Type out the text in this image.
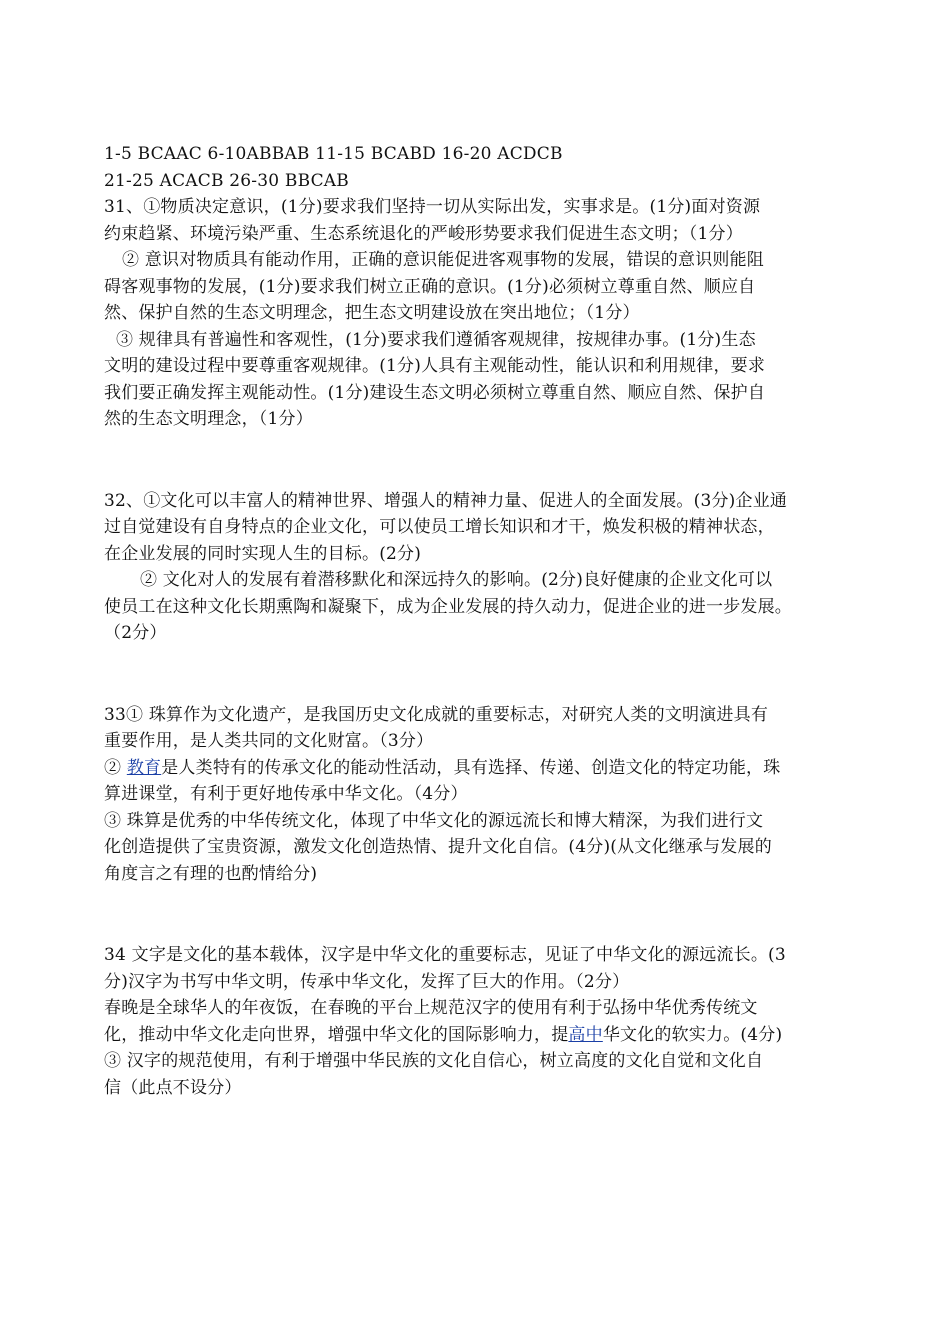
1-5 BCAAC 6-10ABBAB 11-15 BCABD 16-20 ACDCB
21-25 ACACB 26-30 BBCAB
31、①物质决定意识，(1分)要求我们坚持一切从实际出发，实事求是。(1分)面对资源
约束趋紧、环境污染严重、生态系统退化的严峻形势要求我们促进生态文明；（1分）
② 意识对物质具有能动作用，正确的意识能促进客观事物的发展，错误的意识则能阻
碍客观事物的发展，(1分)要求我们树立正确的意识。(1分)必须树立尊重自然、顺应自
然、保护自然的生态文明理念，把生态文明建设放在突出地位；（1分）
③ 规律具有普遍性和客观性，(1分)要求我们遵循客观规律，按规律办事。(1分)生态
文明的建设过程中要尊重客观规律。(1分)人具有主观能动性，能认识和利用规律，要求
我们要正确发挥主观能动性。(1分)建设生态文明必须树立尊重自然、顺应自然、保护自
然的生态文明理念，（1分）
32、①文化可以丰富人的精神世界、增强人的精神力量、促进人的全面发展。(3分)企业通
过自觉建设有自身特点的企业文化，可以使员工增长知识和才干，焕发积极的精神状态，
在企业发展的同时实现人生的目标。(2分)
② 文化对人的发展有着潜移默化和深远持久的影响。(2分)良好健康的企业文化可以
使员工在这种文化长期熏陶和凝聚下，成为企业发展的持久动力，促进企业的进一步发展。
（2分）
33① 珠算作为文化遗产，是我国历史文化成就的重要标志，对研究人类的文明演进具有
重要作用，是人类共同的文化财富。（3分）
② 教育是人类特有的传承文化的能动性活动，具有选择、传递、创造文化的特定功能，珠
算进课堂，有利于更好地传承中华文化。（4分）
③ 珠算是优秀的中华传统文化，体现了中华文化的源远流长和博大精深，为我们进行文
化创造提供了宝贵资源，激发文化创造热情、提升文化自信。(4分)(从文化继承与发展的
角度言之有理的也酌情给分)
34 文字是文化的基本载体，汉字是中华文化的重要标志，见证了中华文化的源远流长。(3
分)汉字为书写中华文明，传承中华文化，发挥了巨大的作用。（2分）
春晚是全球华人的年夜饭，在春晚的平台上规范汉字的使用有利于弘扬中华优秀传统文
化，推动中华文化走向世界，增强中华文化的国际影响力，提高中华文化的软实力。(4分)
③ 汉字的规范使用，有利于增强中华民族的文化自信心，树立高度的文化自觉和文化自
信（此点不设分）
